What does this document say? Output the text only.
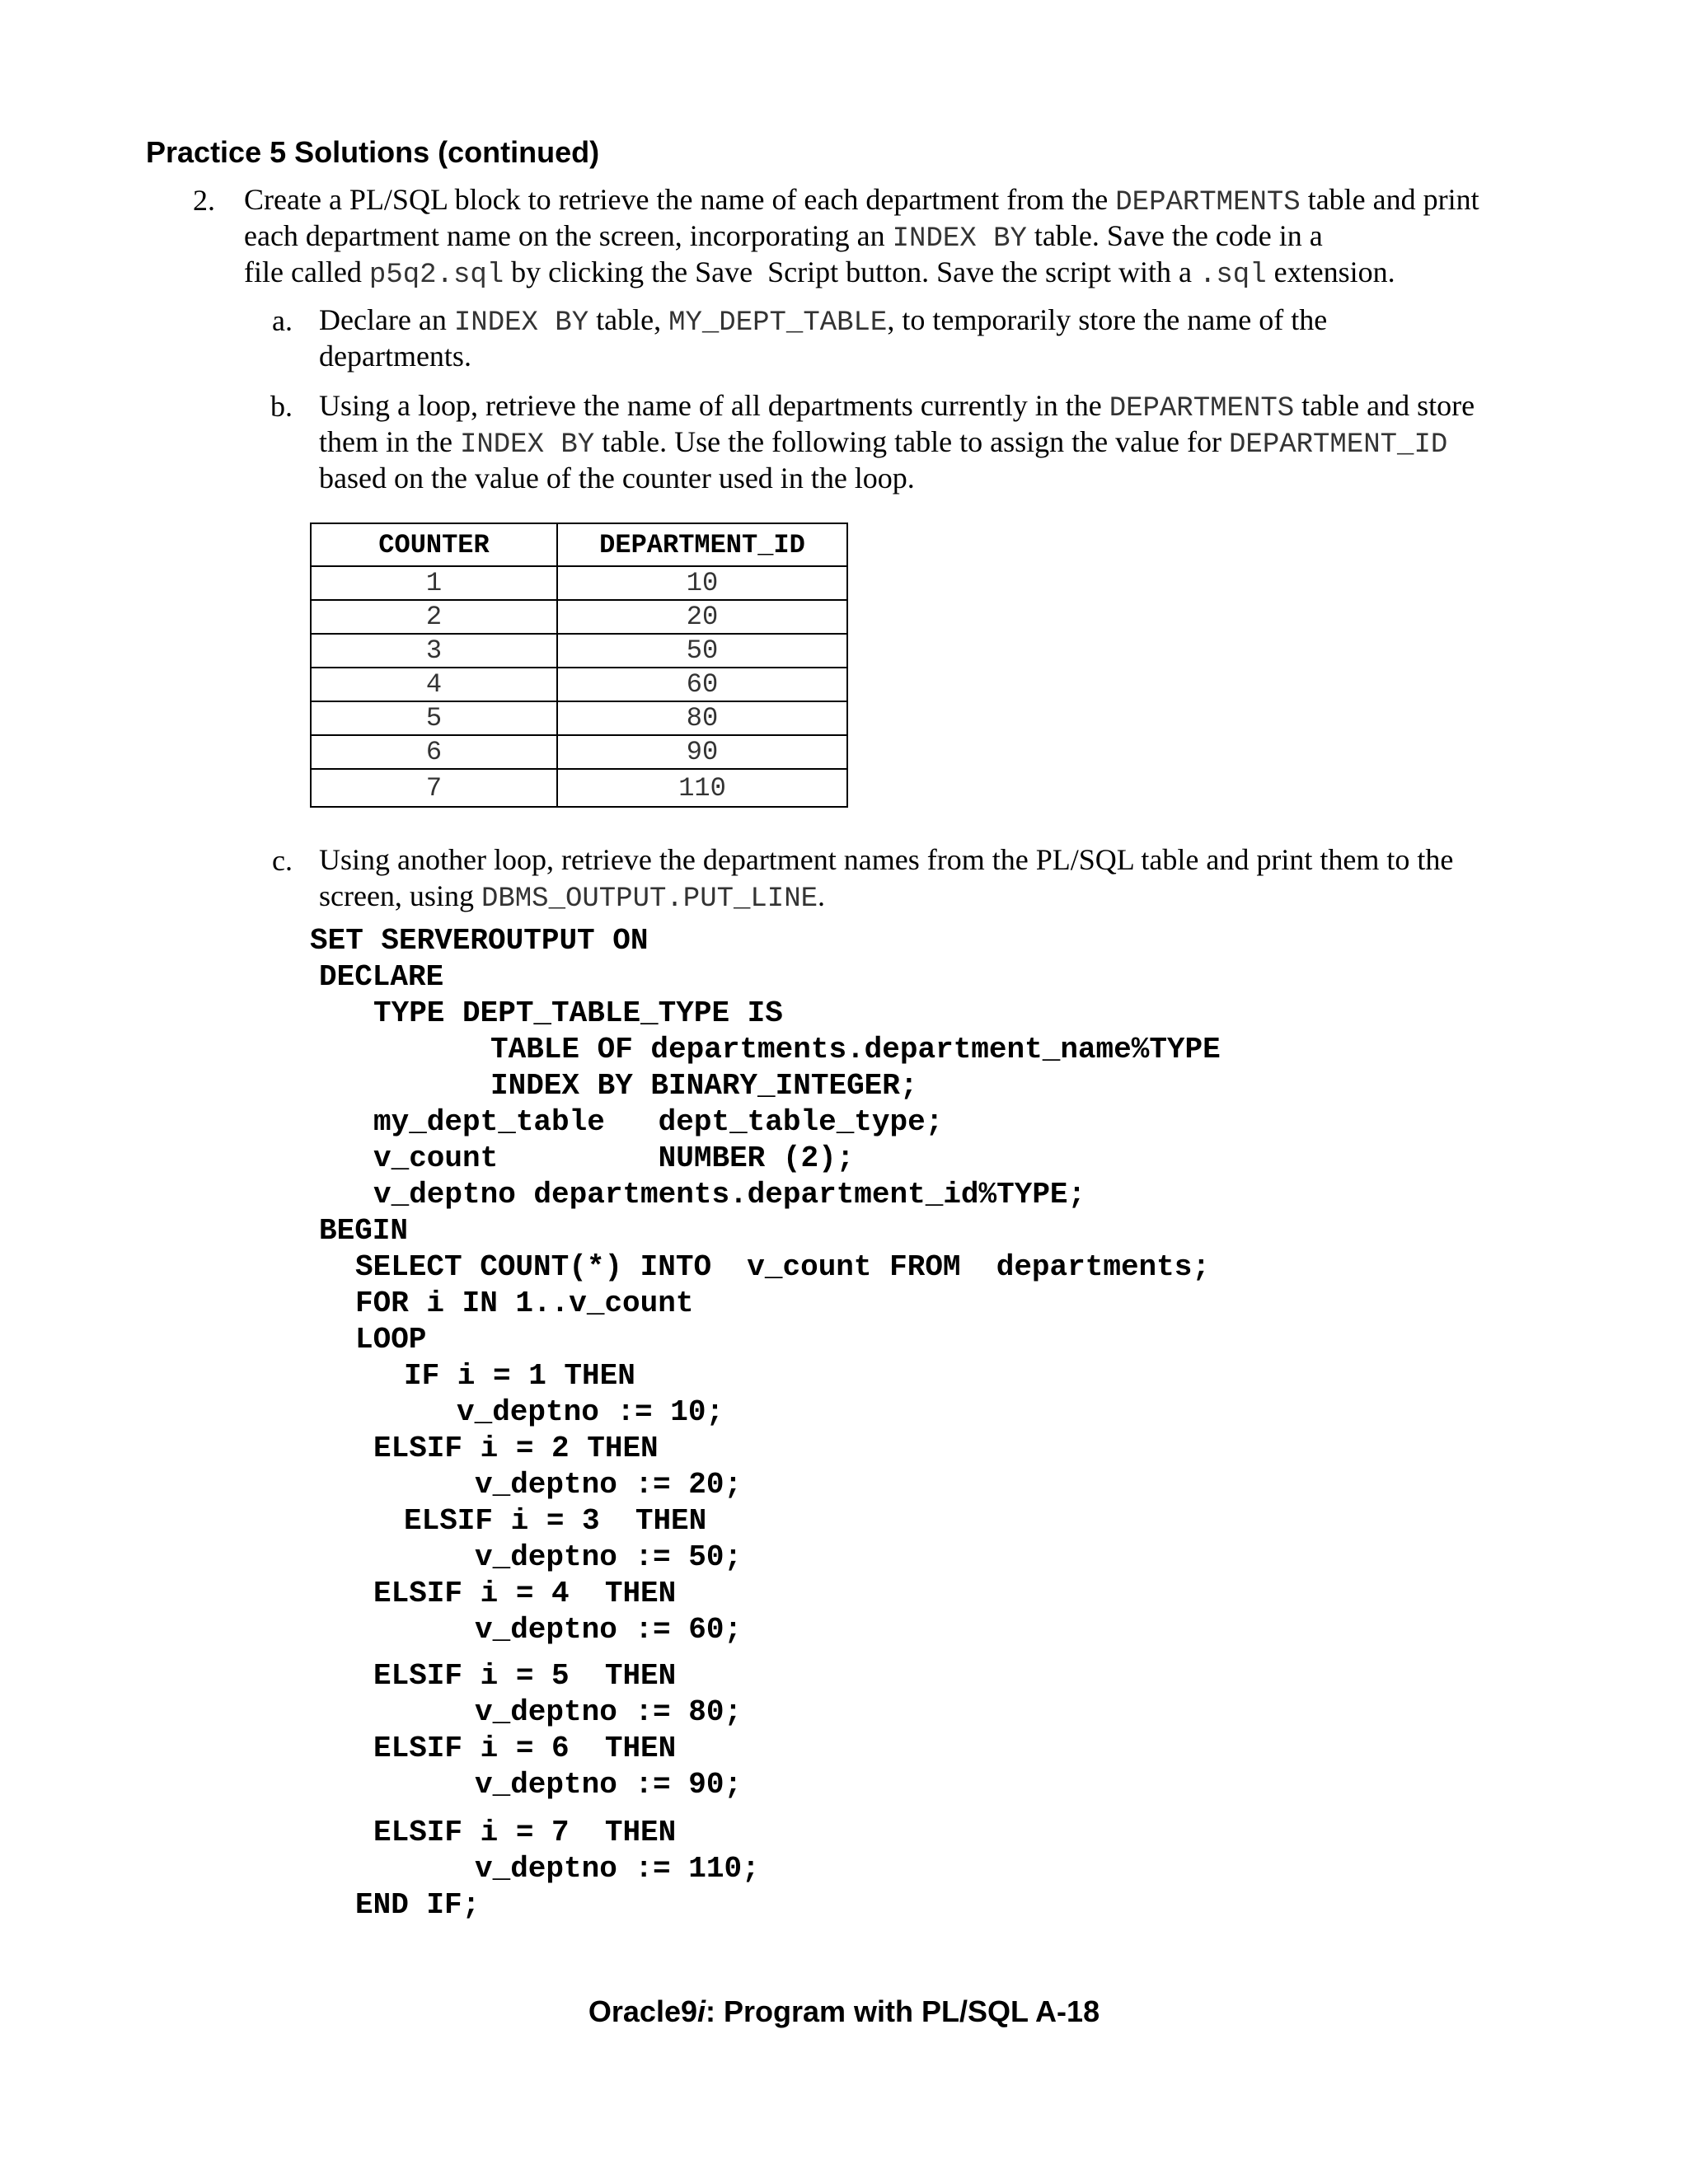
Practice 5 Solutions (continued)
2. Create a PL/SQL block to retrieve the name of each department from the DEPARTMENTS table and print
each department name on the screen, incorporating an INDEX BY table. Save the code in a
file called p5q2.sql by clicking the Save  Script button. Save the script with a .sql extension.
a. Declare an INDEX BY table, MY_DEPT_TABLE, to temporarily store the name of the
departments.
b. Using a loop, retrieve the name of all departments currently in the DEPARTMENTS table and store
them in the INDEX BY table. Use the following table to assign the value for DEPARTMENT_ID
based on the value of the counter used in the loop.
COUNTER	DEPARTMENT_ID
1	10
2	20
3	50
4	60
5	80
6	90
7	110
c. Using another loop, retrieve the department names from the PL/SQL table and print them to the
screen, using DBMS_OUTPUT.PUT_LINE.
SET SERVEROUTPUT ON
DECLARE
TYPE DEPT_TABLE_TYPE IS
TABLE OF departments.department_name%TYPE
INDEX BY BINARY_INTEGER;
my_dept_table   dept_table_type;
v_count         NUMBER (2);
v_deptno departments.department_id%TYPE;
BEGIN
SELECT COUNT(*) INTO  v_count FROM  departments;
FOR i IN 1..v_count
LOOP
IF i = 1 THEN
v_deptno := 10;
ELSIF i = 2 THEN
v_deptno := 20;
ELSIF i = 3  THEN
v_deptno := 50;
ELSIF i = 4  THEN
v_deptno := 60;
ELSIF i = 5  THEN
v_deptno := 80;
ELSIF i = 6  THEN
v_deptno := 90;
ELSIF i = 7  THEN
v_deptno := 110;
END IF;
Oracle9i: Program with PL/SQL A-18
